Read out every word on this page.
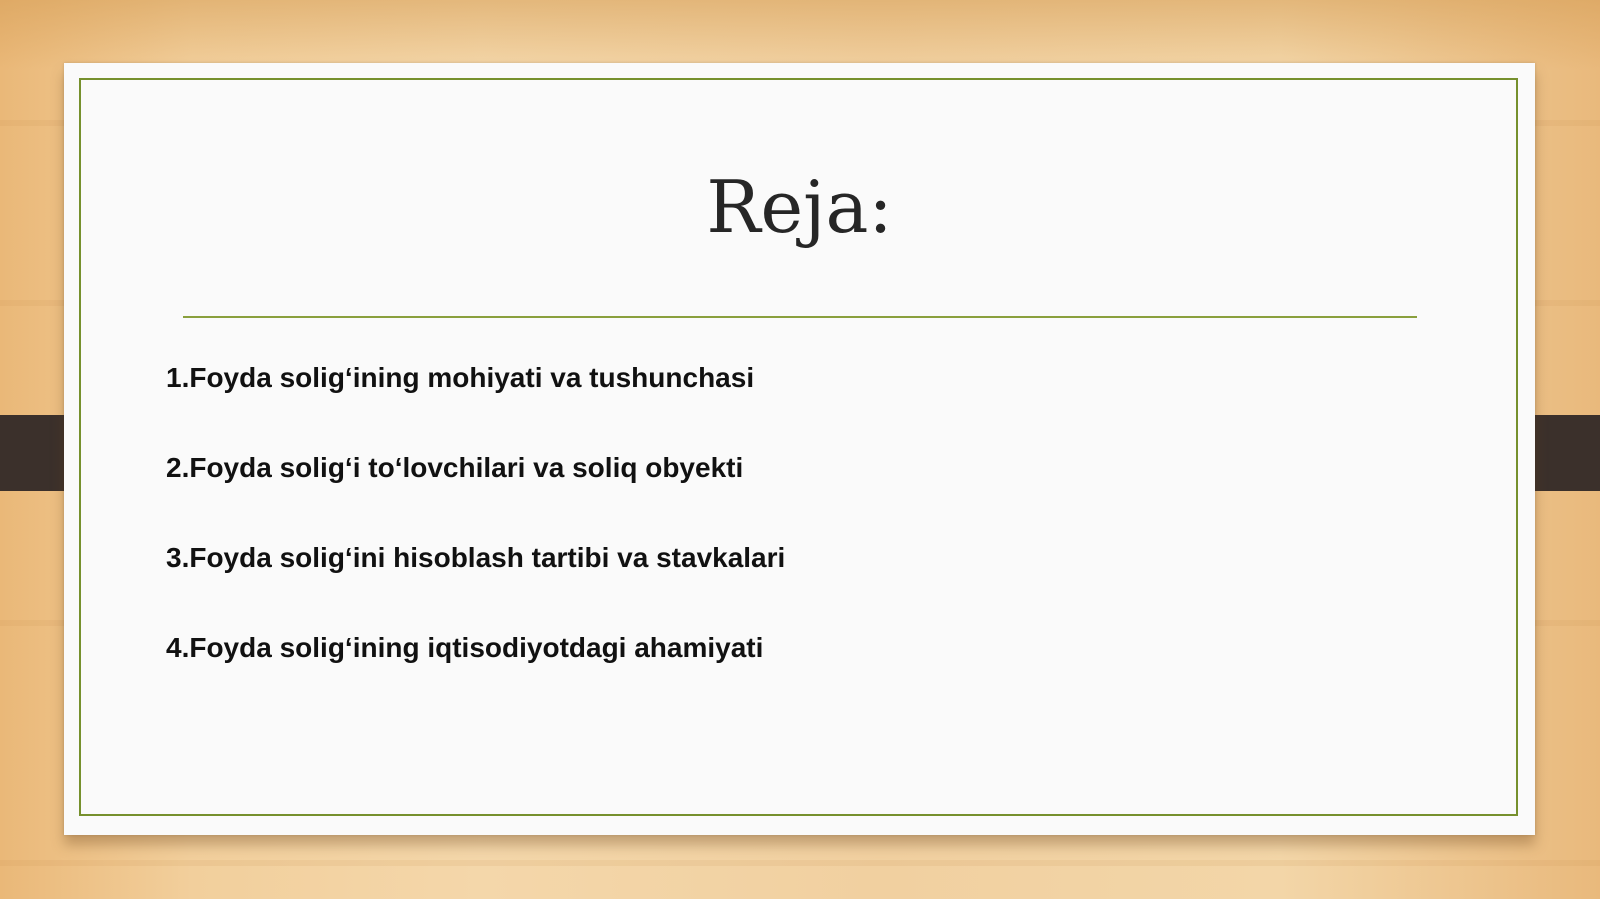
Reja:
1.Foyda solig‘ining mohiyati va tushunchasi
2.Foyda solig‘i to‘lovchilari va soliq obyekti
3.Foyda solig‘ini hisoblash tartibi va stavkalari
4.Foyda solig‘ining iqtisodiyotdagi ahamiyati
